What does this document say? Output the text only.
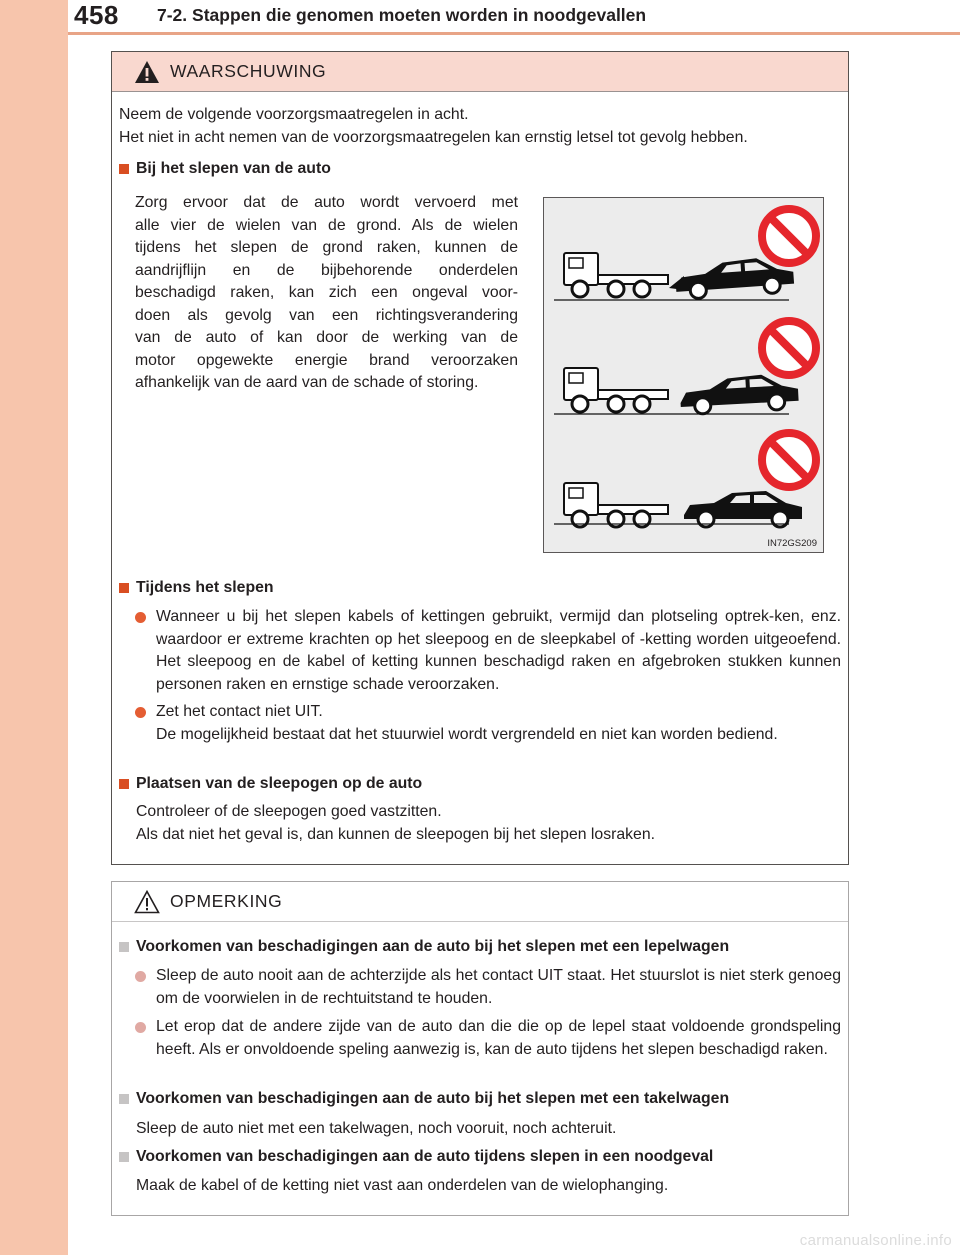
458 7-2. Stappen die genomen moeten worden in noodgevallen
WAARSCHUWING
Neem de volgende voorzorgsmaatregelen in acht.
Het niet in acht nemen van de voorzorgsmaatregelen kan ernstig letsel tot gevolg hebben.
Bij het slepen van de auto
Zorg ervoor dat de auto wordt vervoerd met
alle vier de wielen van de grond. Als de wielen
tijdens het slepen de grond raken, kunnen de
aandrijflijn en de bijbehorende onderdelen
beschadigd raken, kan zich een ongeval voor-
doen als gevolg van een richtingsverandering
van de auto of kan door de werking van de
motor opgewekte energie brand veroorzaken
afhankelijk van de aard van de schade of storing.
IN72GS209
Tijdens het slepen
Wanneer u bij het slepen kabels of kettingen gebruikt, vermijd dan plotseling optrek-ken, enz. waardoor er extreme krachten op het sleepoog en de sleepkabel of -ketting worden uitgeoefend. Het sleepoog en de kabel of ketting kunnen beschadigd raken en afgebroken stukken kunnen personen raken en ernstige schade veroorzaken.
Zet het contact niet UIT.
De mogelijkheid bestaat dat het stuurwiel wordt vergrendeld en niet kan worden bediend.
Plaatsen van de sleepogen op de auto
Controleer of de sleepogen goed vastzitten.
Als dat niet het geval is, dan kunnen de sleepogen bij het slepen losraken.
OPMERKING
Voorkomen van beschadigingen aan de auto bij het slepen met een lepelwagen
Sleep de auto nooit aan de achterzijde als het contact UIT staat. Het stuurslot is niet sterk genoeg om de voorwielen in de rechtuitstand te houden.
Let erop dat de andere zijde van de auto dan die die op de lepel staat voldoende grondspeling heeft. Als er onvoldoende speling aanwezig is, kan de auto tijdens het slepen beschadigd raken.
Voorkomen van beschadigingen aan de auto bij het slepen met een takelwagen
Sleep de auto niet met een takelwagen, noch vooruit, noch achteruit.
Voorkomen van beschadigingen aan de auto tijdens slepen in een noodgeval
Maak de kabel of de ketting niet vast aan onderdelen van de wielophanging.
carmanualsonline.info
